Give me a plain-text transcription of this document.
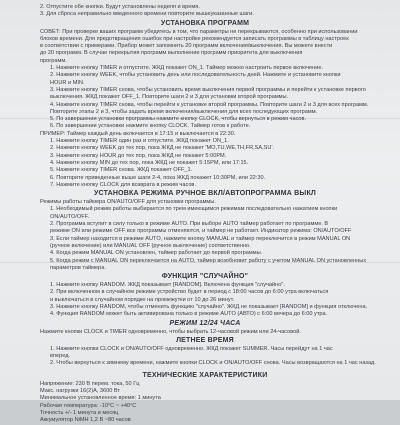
2. Отпустите обе кнопки. Будут установлены неделя и время.
3. Для сброса неправильно введенного времени повторите вышеуказанные шаги.
УСТАНОВКА ПРОГРАММ
СОВЕТ: При проверке ваших программ убедитесь в том, что параметры не перекрываются, особенно при использовании
блоков времени. Для предотвращения ошибок при настройке рекомендуется записать программы в таблицу настроек
в соответствии с примерами. Прибор может запомнить 20 программ включения/выключения. Вы можете внести
до 20 программ. В случае перекрытия программ выполнение программ приоритета для выключения
программ.
1. Нажмите кнопку TIMER и отпустите. ЖКД покажет ON_1. Таймер можно настроить первое включение.
2. Нажмите кнопку WEEK, чтобы установить день или последовательность дней. Нажмите и установите кнопки
HOUR и MIN.
3. Нажмите кнопку TIMER снова, чтобы установить время выключения первой программы и перейти к установке первого
выключения. ЖКД покажет OFF_1. Повторите шаги 2 и 3 для установки второй программы.
4. Нажмите кнопку TIMER снова, чтобы перейти к установке второй программы. Повторите шаги 2 и 3 для всех программ.
Повторите этапы 2 и 3, чтобы задать время включения/выключения для всех последующих программ.
5. По завершении установки программы нажмите кнопку CLOCK, чтобы вернуться в режим часов.
6. По завершении установки нажмите кнопку CLOCK. Таймер готов к работе.
ПРИМЕР: Таймер каждый день включается в 17:15 и выключается в 22:30.
1. Нажмите кнопку TIMER один раз и отпустите. ЖКД покажет ON_1.
2. Нажмите кнопку WEEK до тех пор, пока ЖКД не покажет 'MO,TU,WE,TH,FR,SA,SU'.
3. Нажмите кнопку HOUR до тех пор, пока ЖКД не покажет 5:00PM.
4. Нажмите кнопку MIN до тех пор, пока ЖКД не покажет 5:15PM, или 17:15.
5. Нажмите кнопку TIMER снова. ЖКД покажет OFF_1.
6. Повторите приведенные выше шаги 2-4, пока ЖКД покажет 10:30PM, или 22:30.
7. Нажмите кнопку CLOCK для возврата в режим часов.
УСТАНОВКА РЕЖИМА РУЧНОЕ ВКЛ/АВТОПРОГРАММА ВЫКЛ
Режимы работы таймера ON/AUTO/OFF для установки программы.
1. Необходимый режим работы выбирается по трем имеющимся режимам последовательно нажатием кнопки
ON/AUTO/OFF.
2. Программа вступит в силу только в режиме AUTO. При выборе AUTO таймер работает по программе. В
режиме ON или режиме OFF все программы отменяются, и таймер не работает. Индикатор режима: ON/AUTO/OFF
3. Если таймер находится в режиме AUTO, нажмите кнопку MANUAL и таймер переключится в режим MANUAL ON
(ручное включение) или MANUAL OFF (ручное выключение) соответственно.
4. Когда режим MANUAL ON установлен, таймер работает до первой программы.
5. Когда режим с MANUAL ON переключается на AUTO, таймер возобновит работу с учетом MANUAL ON установленных
параметров таймера.
ФУНКЦИЯ "СЛУЧАЙНО"
1. Нажмите кнопку RANDOM. ЖКД показывает [RANDOM]. Включена функция "случайно".
2. При включенном в случайном режиме устройство будет в период с 18:00 часов до 6:00 утра включаться
и выключаться в случайном порядке на промежутки от 10 до 26 минут.
3. Нажмите кнопку RANDOM, чтобы отменить функцию "случайно". ЖКД не показывает [RANDOM] и функция отключена.
4. Функция RANDOM может быть активирована только в режиме AUTO (АВТО) с 6:00 вечера до 6:00 утра.
РЕЖИМ 12/24 ЧАСА
Нажмите кнопки CLOCK и TIMER одновременно, чтобы выбрать 12-часовой режим или 24-часовой.
ЛЕТНЕЕ ВРЕМЯ
1. Нажмите кнопки CLOCK и ON/AUTO/OFF одновременно. ЖКД покажет SUMMER. Часы перейдут на 1 час
вперед.
2. Чтобы вернуться к зимнему времени, нажмите кнопки CLOCK и ON/AUTO/OFF снова. Часы возвращаются на 1 час назад.
ТЕХНИЧЕСКИЕ ХАРАКТЕРИСТИКИ
Напряжение: 230 В перем. тока, 50 Гц
Макс. нагрузки 16(2)А, 3600 Вт
Минимальное установленное время: 1 минута
Рабочая температура: -10°C ~ +40°C
Точность +/- 1 минута в месяц
Аккумулятор NiMH 1,2 В ~80 часов
